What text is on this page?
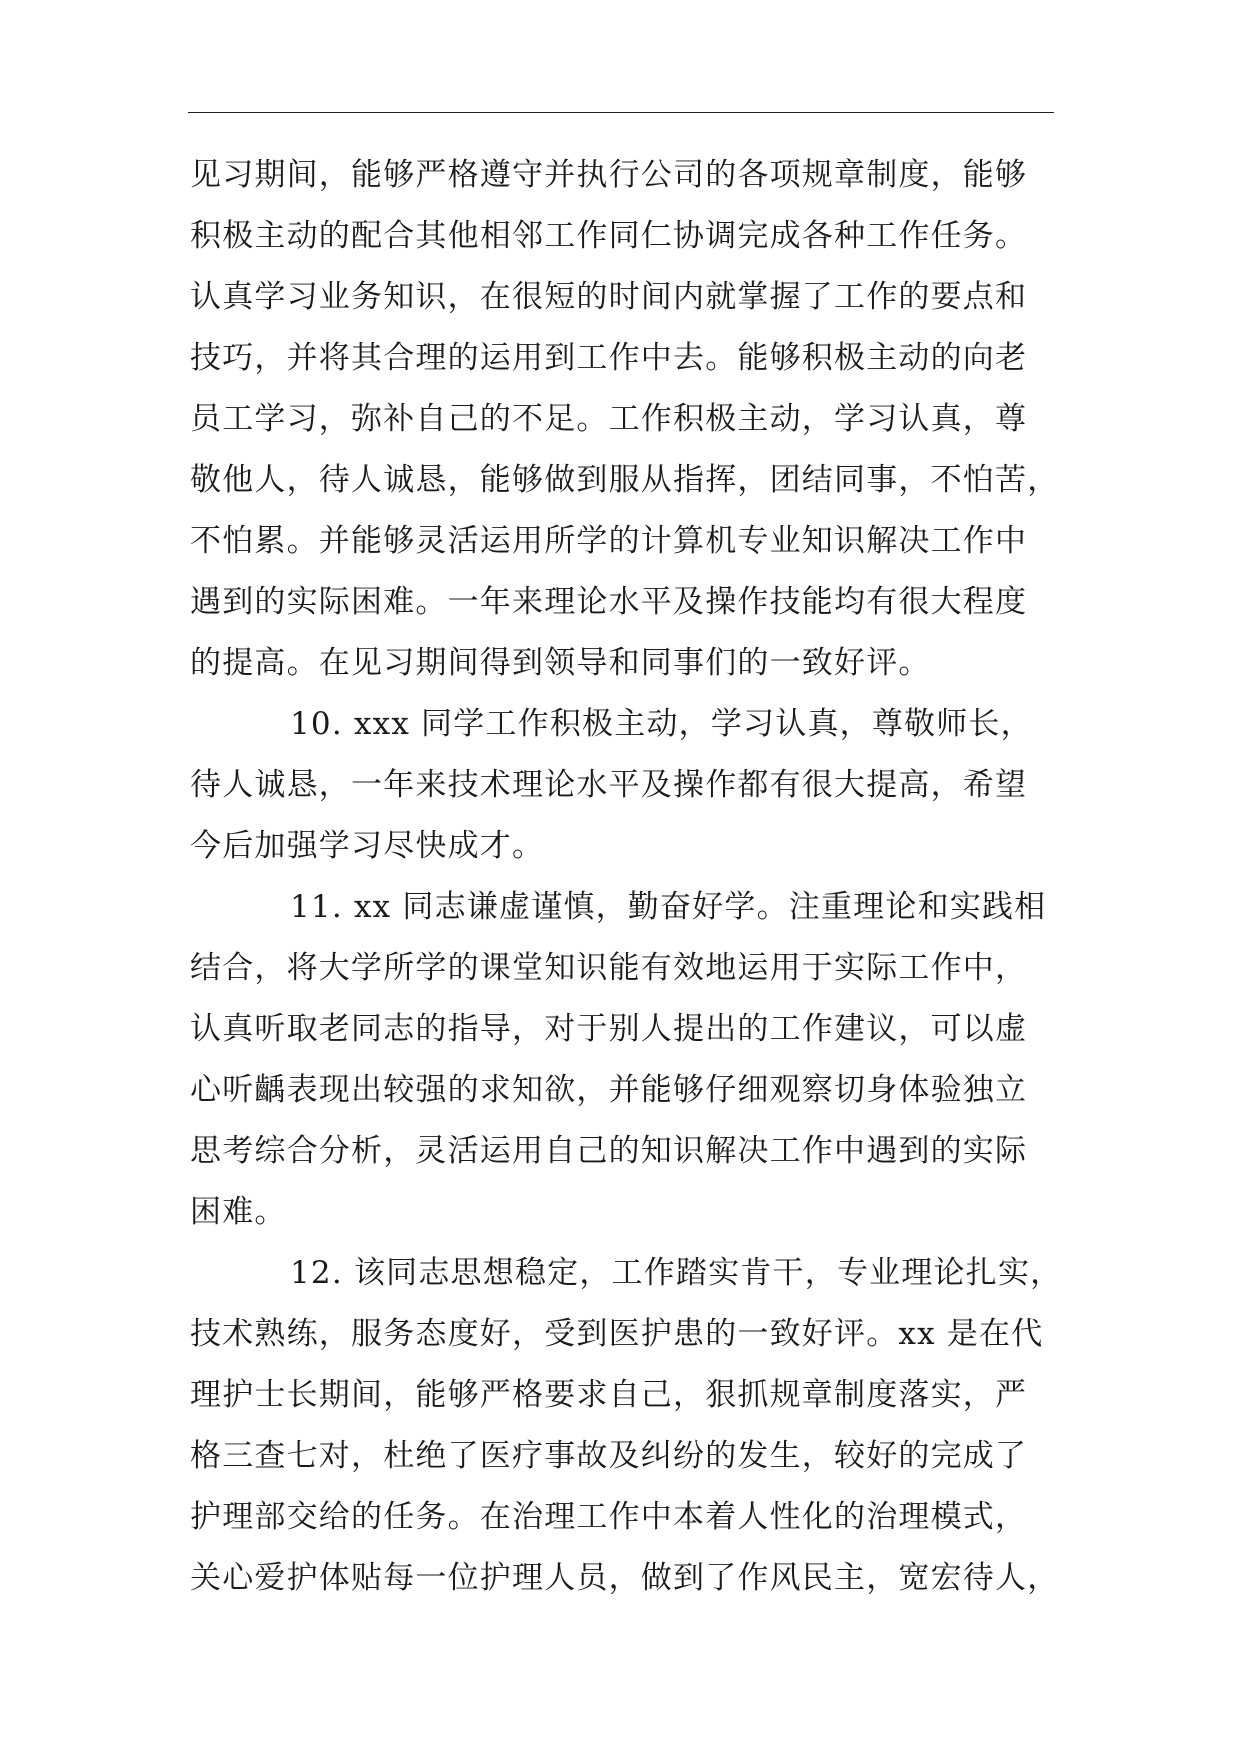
见习期间，能够严格遵守并执行公司的各项规章制度，能够
积极主动的配合其他相邻工作同仁协调完成各种工作任务。
认真学习业务知识，在很短的时间内就掌握了工作的要点和
技巧，并将其合理的运用到工作中去。能够积极主动的向老
员工学习，弥补自己的不足。工作积极主动，学习认真，尊
敬他人，待人诚恳，能够做到服从指挥，团结同事，不怕苦，
不怕累。并能够灵活运用所学的计算机专业知识解决工作中
遇到的实际困难。一年来理论水平及操作技能均有很大程度
的提高。在见习期间得到领导和同事们的一致好评。
10. xxx 同学工作积极主动，学习认真，尊敬师长，
待人诚恳，一年来技术理论水平及操作都有很大提高，希望
今后加强学习尽快成才。
11. xx 同志谦虚谨慎，勤奋好学。注重理论和实践相
结合，将大学所学的课堂知识能有效地运用于实际工作中，
认真听取老同志的指导，对于别人提出的工作建议，可以虚
心听齲表现出较强的求知欲，并能够仔细观察切身体验独立
思考综合分析，灵活运用自己的知识解决工作中遇到的实际
困难。
12. 该同志思想稳定，工作踏实肯干，专业理论扎实，
技术熟练，服务态度好，受到医护患的一致好评。xx 是在代
理护士长期间，能够严格要求自己，狠抓规章制度落实，严
格三查七对，杜绝了医疗事故及纠纷的发生，较好的完成了
护理部交给的任务。在治理工作中本着人性化的治理模式，
关心爱护体贴每一位护理人员，做到了作风民主，宽宏待人，
